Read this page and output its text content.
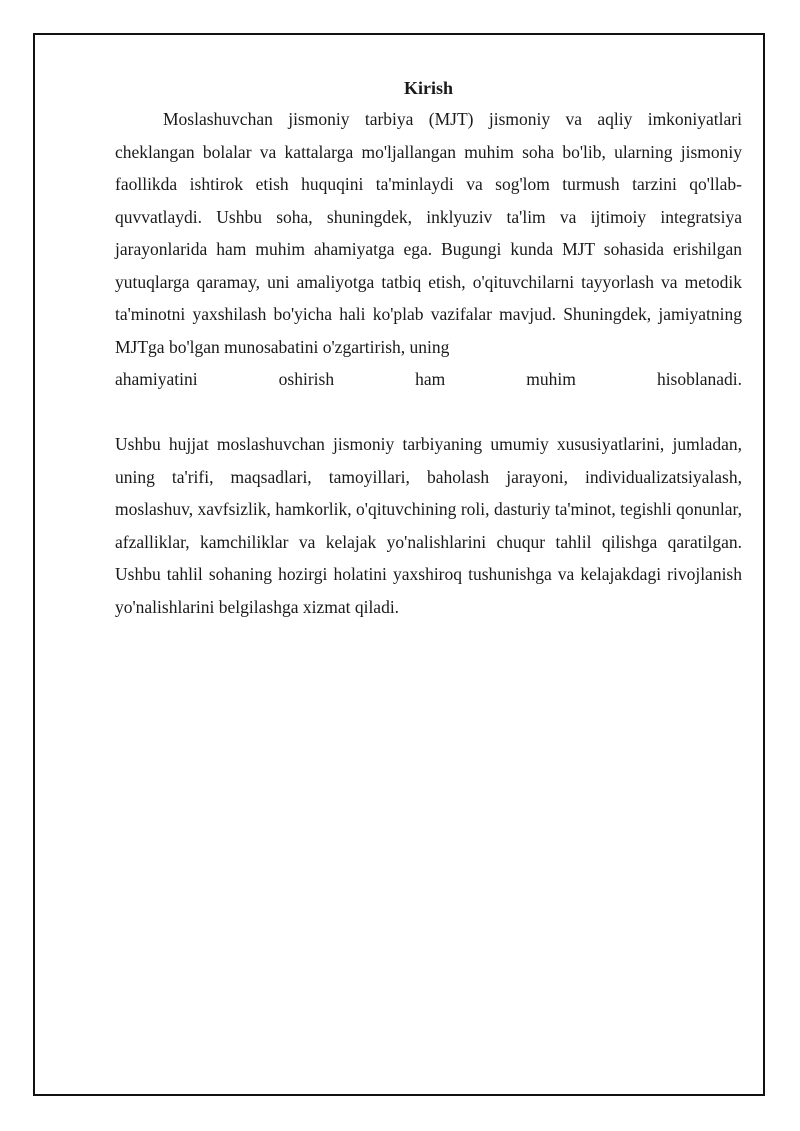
Kirish

Moslashuvchan jismoniy tarbiya (MJT) jismoniy va aqliy imkoniyatlari cheklangan bolalar va kattalarga mo'ljallangan muhim soha bo'lib, ularning jismoniy faollikda ishtirok etish huquqini ta'minlaydi va sog'lom turmush tarzini qo'llab-quvvatlaydi. Ushbu soha, shuningdek, inklyuziv ta'lim va ijtimoiy integratsiya jarayonlarida ham muhim ahamiyatga ega. Bugungi kunda MJT sohasida erishilgan yutuqlarga qaramay, uni amaliyotga tatbiq etish, o'qituvchilarni tayyorlash va metodik ta'minotni yaxshilash bo'yicha hali ko'plab vazifalar mavjud. Shuningdek, jamiyatning MJTga bo'lgan munosabatini o'zgartirish, uning

ahamiyatini oshirish ham muhim hisoblanadi.

Ushbu hujjat moslashuvchan jismoniy tarbiyaning umumiy xususiyatlarini, jumladan, uning ta'rifi, maqsadlari, tamoyillari, baholash jarayoni, individualizatsiyalash, moslashuv, xavfsizlik, hamkorlik, o'qituvchining roli, dasturiy ta'minot, tegishli qonunlar, afzalliklar, kamchiliklar va kelajak yo'nalishlarini chuqur tahlil qilishga qaratilgan. Ushbu tahlil sohaning hozirgi holatini yaxshiroq tushunishga va kelajakdagi rivojlanish yo'nalishlarini belgilashga xizmat qiladi.
